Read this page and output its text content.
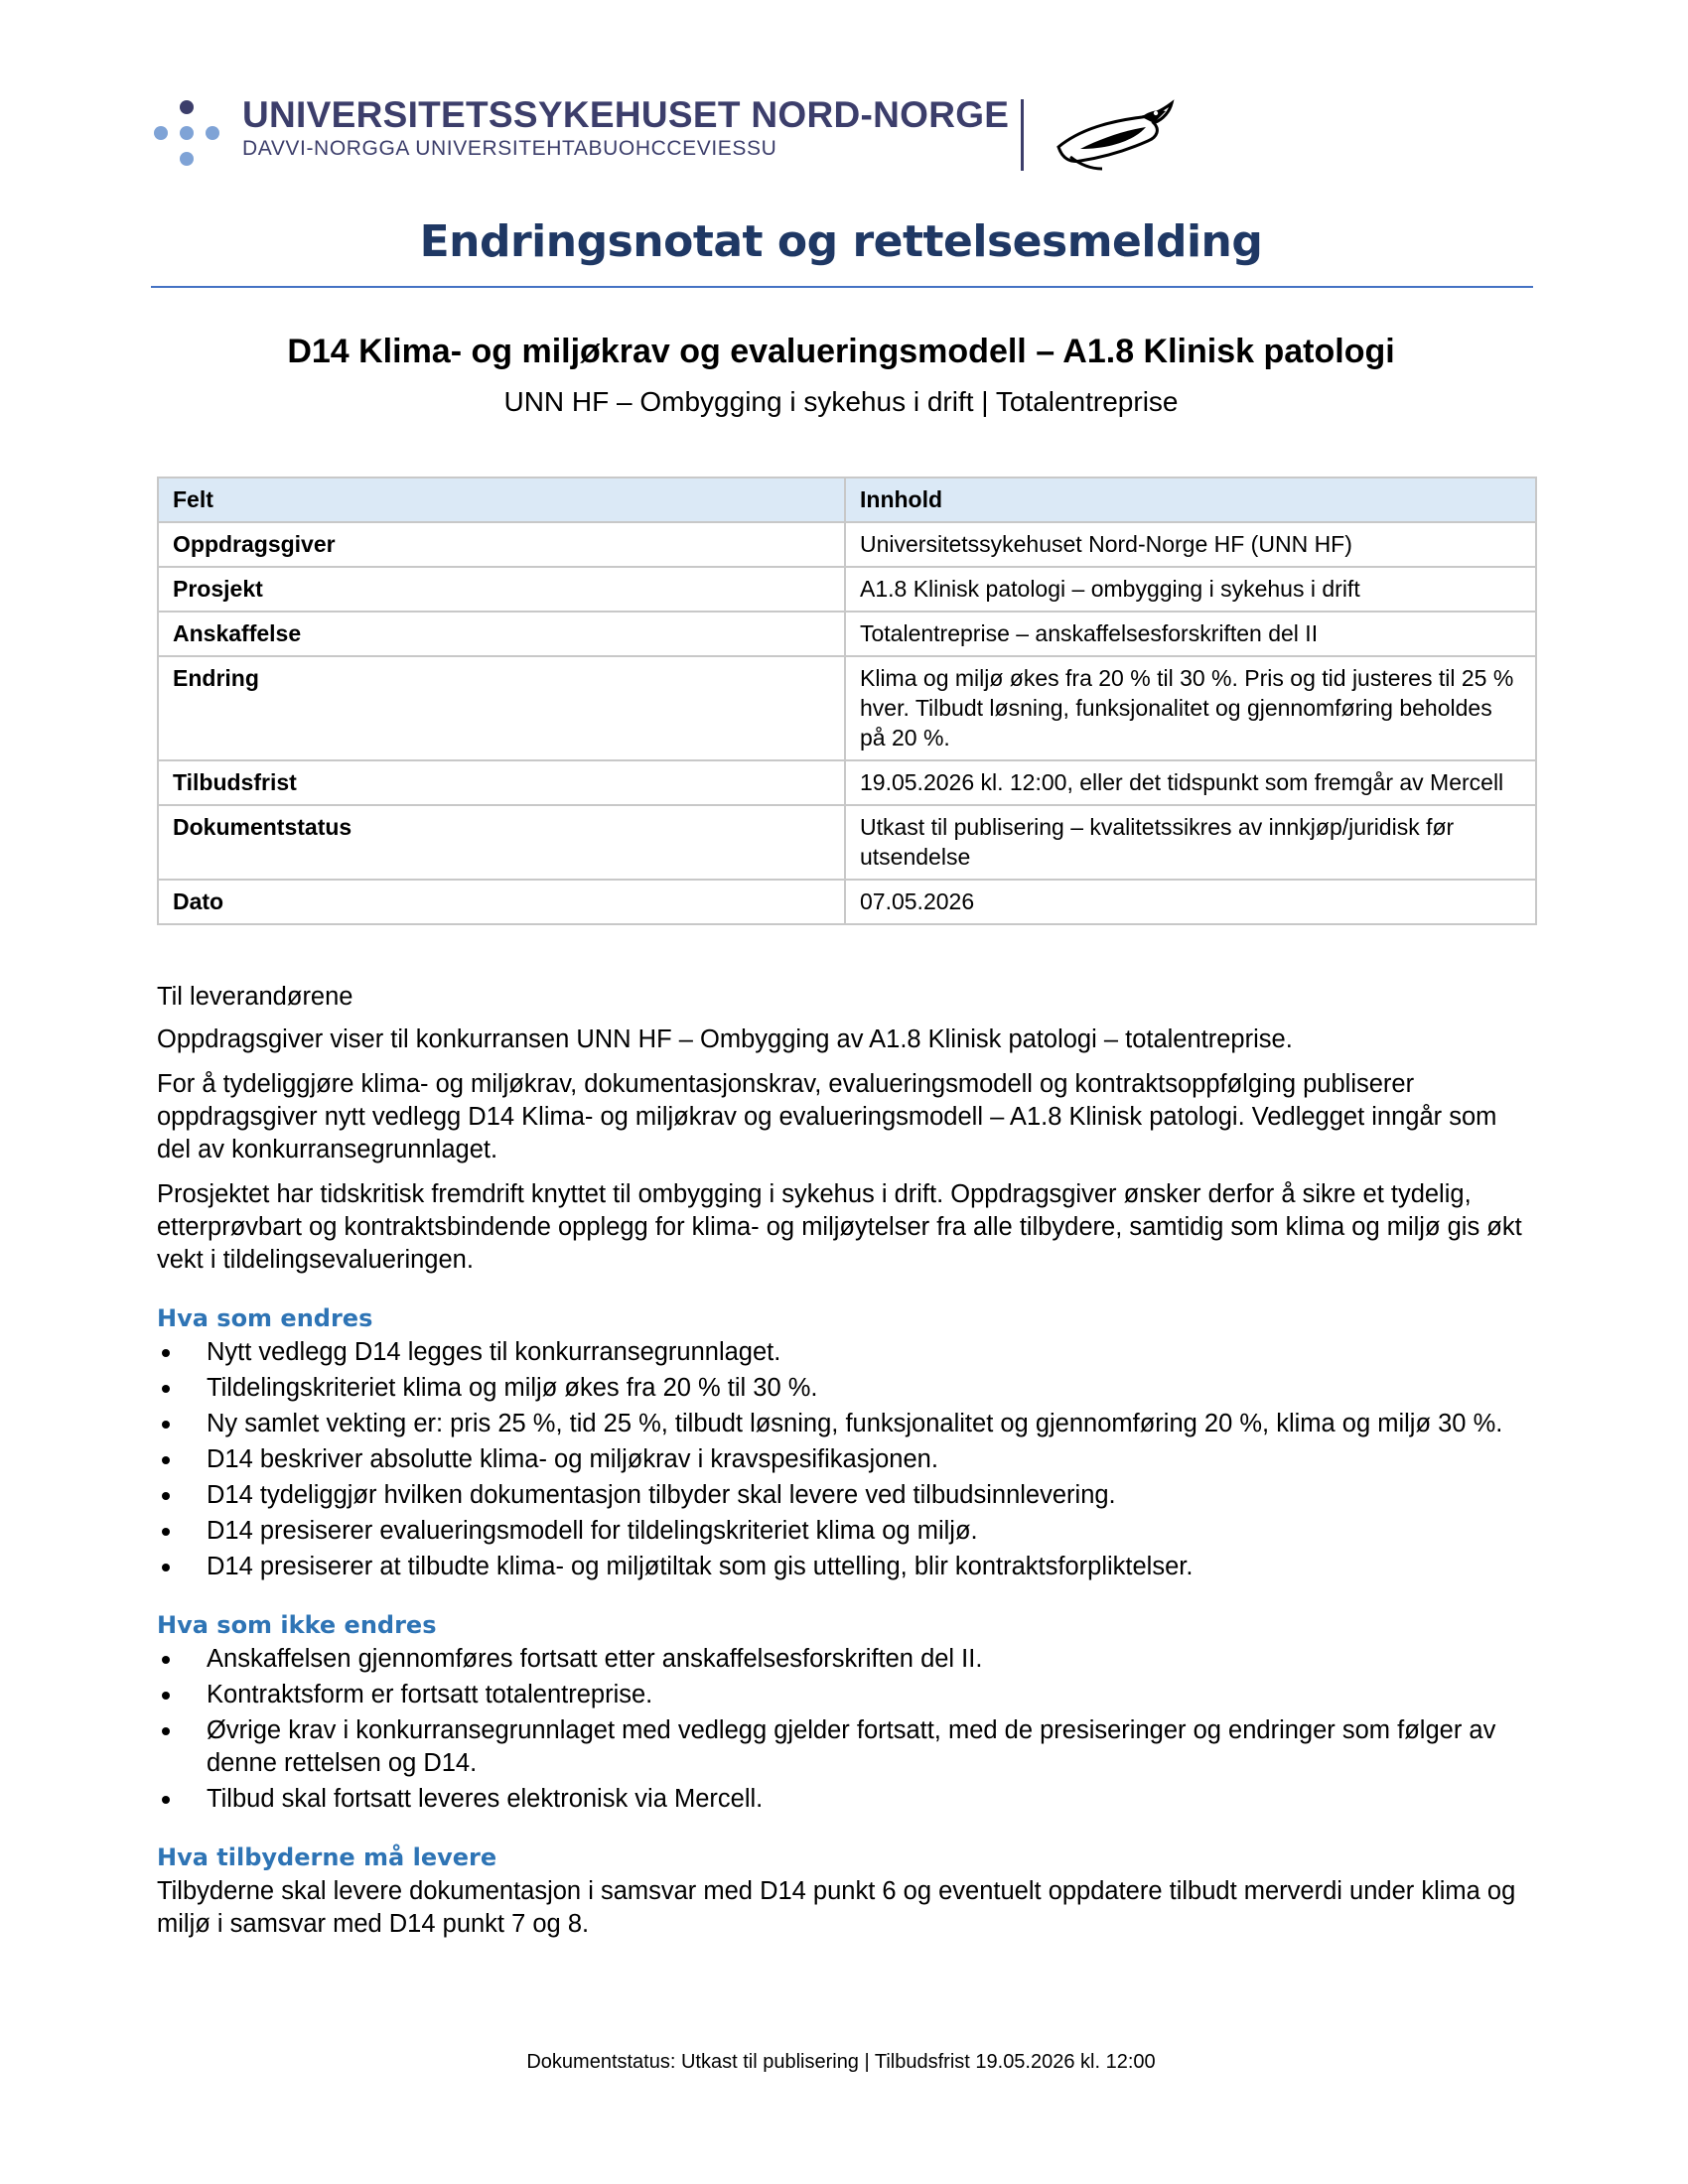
UNIVERSITETSSYKEHUSET NORD-NORGE
DAVVI-NORGGA UNIVERSITEHTABUOHCCEVIESSU
Endringsnotat og rettelsesmelding
D14 Klima- og miljøkrav og evalueringsmodell – A1.8 Klinisk patologi
UNN HF – Ombygging i sykehus i drift | Totalentreprise
Felt	Innhold
Oppdragsgiver	Universitetssykehuset Nord-Norge HF (UNN HF)
Prosjekt	A1.8 Klinisk patologi – ombygging i sykehus i drift
Anskaffelse	Totalentreprise – anskaffelsesforskriften del II
Endring	Klima og miljø økes fra 20 % til 30 %. Pris og tid justeres til 25 % hver. Tilbudt løsning, funksjonalitet og gjennomføring beholdes på 20 %.
Tilbudsfrist	19.05.2026 kl. 12:00, eller det tidspunkt som fremgår av Mercell
Dokumentstatus	Utkast til publisering – kvalitetssikres av innkjøp/juridisk før utsendelse
Dato	07.05.2026

Til leverandørene

Oppdragsgiver viser til konkurransen UNN HF – Ombygging av A1.8 Klinisk patologi – totalentreprise.

For å tydeliggjøre klima- og miljøkrav, dokumentasjonskrav, evalueringsmodell og kontraktsoppfølging publiserer oppdragsgiver nytt vedlegg D14 Klima- og miljøkrav og evalueringsmodell – A1.8 Klinisk patologi. Vedlegget inngår som del av konkurransegrunnlaget.

Prosjektet har tidskritisk fremdrift knyttet til ombygging i sykehus i drift. Oppdragsgiver ønsker derfor å sikre et tydelig, etterprøvbart og kontraktsbindende opplegg for klima- og miljøytelser fra alle tilbydere, samtidig som klima og miljø gis økt vekt i tildelingsevalueringen.

Hva som endres
Nytt vedlegg D14 legges til konkurransegrunnlaget.
Tildelingskriteriet klima og miljø økes fra 20 % til 30 %.
Ny samlet vekting er: pris 25 %, tid 25 %, tilbudt løsning, funksjonalitet og gjennomføring 20 %, klima og miljø 30 %.
D14 beskriver absolutte klima- og miljøkrav i kravspesifikasjonen.
D14 tydeliggjør hvilken dokumentasjon tilbyder skal levere ved tilbudsinnlevering.
D14 presiserer evalueringsmodell for tildelingskriteriet klima og miljø.
D14 presiserer at tilbudte klima- og miljøtiltak som gis uttelling, blir kontraktsforpliktelser.
Hva som ikke endres
Anskaffelsen gjennomføres fortsatt etter anskaffelsesforskriften del II.
Kontraktsform er fortsatt totalentreprise.
Øvrige krav i konkurransegrunnlaget med vedlegg gjelder fortsatt, med de presiseringer og endringer som følger av denne rettelsen og D14.
Tilbud skal fortsatt leveres elektronisk via Mercell.
Hva tilbyderne må levere

Tilbyderne skal levere dokumentasjon i samsvar med D14 punkt 6 og eventuelt oppdatere tilbudt merverdi under klima og miljø i samsvar med D14 punkt 7 og 8.

Dokumentstatus: Utkast til publisering | Tilbudsfrist 19.05.2026 kl. 12:00
